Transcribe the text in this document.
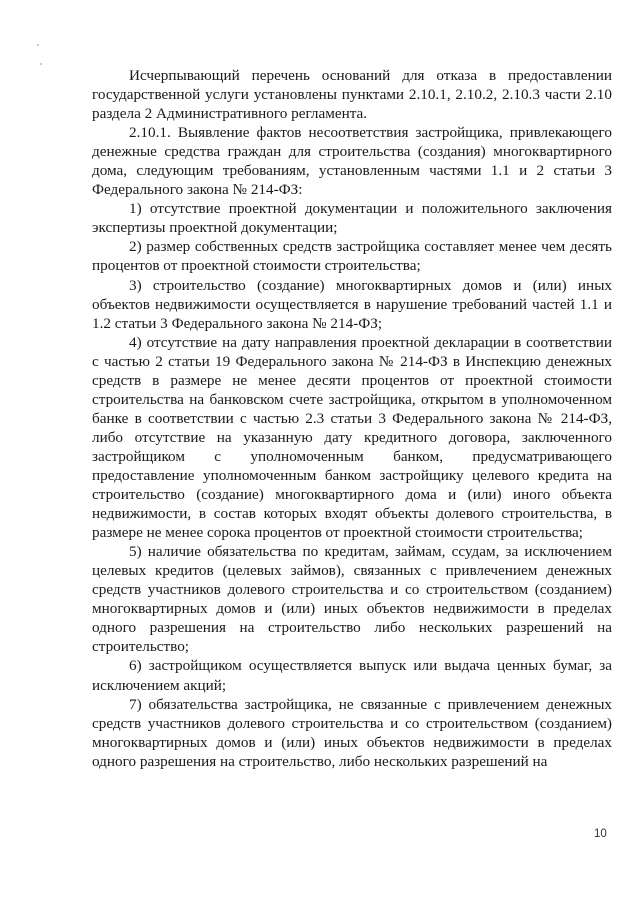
Исчерпывающий перечень оснований для отказа в предоставлении государственной услуги установлены пунктами 2.10.1, 2.10.2, 2.10.3 части 2.10 раздела 2 Административного регламента.

2.10.1. Выявление фактов несоответствия застройщика, привлекающего денежные средства граждан для строительства (создания) многоквартирного дома, следующим требованиям, установленным частями 1.1 и 2 статьи 3 Федерального закона № 214-ФЗ:

1) отсутствие проектной документации и положительного заключения экспертизы проектной документации;

2) размер собственных средств застройщика составляет менее чем десять процентов от проектной стоимости строительства;

3) строительство (создание) многоквартирных домов и (или) иных объектов недвижимости осуществляется в нарушение требований частей 1.1 и 1.2 статьи 3 Федерального закона № 214-ФЗ;

4) отсутствие на дату направления проектной декларации в соответствии с частью 2 статьи 19 Федерального закона № 214-ФЗ в Инспекцию денежных средств в размере не менее десяти процентов от проектной стоимости строительства на банковском счете застройщика, открытом в уполномоченном банке в соответствии с частью 2.3 статьи 3 Федерального закона № 214-ФЗ, либо отсутствие на указанную дату кредитного договора, заключенного застройщиком с уполномоченным банком, предусматривающего предоставление уполномоченным банком застройщику целевого кредита на строительство (создание) многоквартирного дома и (или) иного объекта недвижимости, в состав которых входят объекты долевого строительства, в размере не менее сорока процентов от проектной стоимости строительства;

5) наличие обязательства по кредитам, займам, ссудам, за исключением целевых кредитов (целевых займов), связанных с привлечением денежных средств участников долевого строительства и со строительством (созданием) многоквартирных домов и (или) иных объектов недвижимости в пределах одного разрешения на строительство либо нескольких разрешений на строительство;

6) застройщиком осуществляется выпуск или выдача ценных бумаг, за исключением акций;

7) обязательства застройщика, не связанные с привлечением денежных средств участников долевого строительства и со строительством (созданием) многоквартирных домов и (или) иных объектов недвижимости в пределах одного разрешения на строительство, либо нескольких разрешений на

10
